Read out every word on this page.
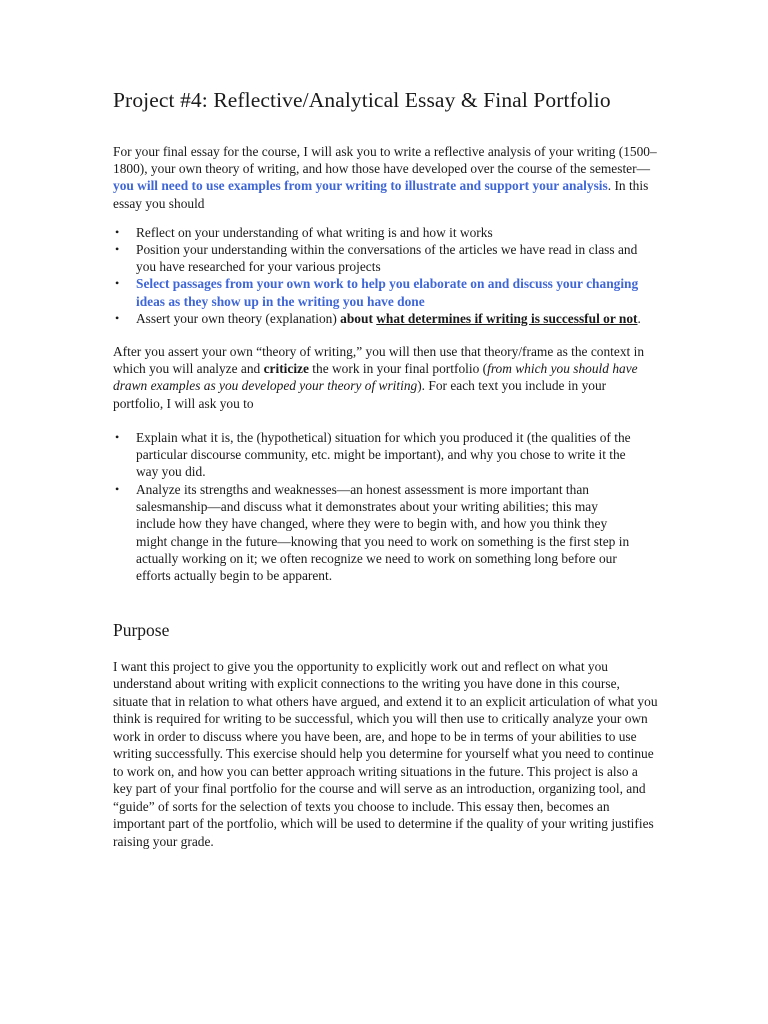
Project #4: Reflective/Analytical Essay & Final Portfolio

For your final essay for the course, I will ask you to write a reflective analysis of your writing (1500–1800), your own theory of writing, and how those have developed over the course of the semester—you will need to use examples from your writing to illustrate and support your analysis. In this essay you should

• Reflect on your understanding of what writing is and how it works
• Position your understanding within the conversations of the articles we have read in class and you have researched for your various projects
• Select passages from your own work to help you elaborate on and discuss your changing ideas as they show up in the writing you have done
• Assert your own theory (explanation) about what determines if writing is successful or not.

After you assert your own “theory of writing,” you will then use that theory/frame as the context in which you will analyze and criticize the work in your final portfolio (from which you should have drawn examples as you developed your theory of writing). For each text you include in your portfolio, I will ask you to

• Explain what it is, the (hypothetical) situation for which you produced it (the qualities of the particular discourse community, etc. might be important), and why you chose to write it the way you did.
• Analyze its strengths and weaknesses—an honest assessment is more important than salesmanship—and discuss what it demonstrates about your writing abilities; this may include how they have changed, where they were to begin with, and how you think they might change in the future—knowing that you need to work on something is the first step in actually working on it; we often recognize we need to work on something long before our efforts actually begin to be apparent.
Purpose

I want this project to give you the opportunity to explicitly work out and reflect on what you understand about writing with explicit connections to the writing you have done in this course, situate that in relation to what others have argued, and extend it to an explicit articulation of what you think is required for writing to be successful, which you will then use to critically analyze your own work in order to discuss where you have been, are, and hope to be in terms of your abilities to use writing successfully. This exercise should help you determine for yourself what you need to continue to work on, and how you can better approach writing situations in the future. This project is also a key part of your final portfolio for the course and will serve as an introduction, organizing tool, and “guide” of sorts for the selection of texts you choose to include. This essay then, becomes an important part of the portfolio, which will be used to determine if the quality of your writing justifies raising your grade.
